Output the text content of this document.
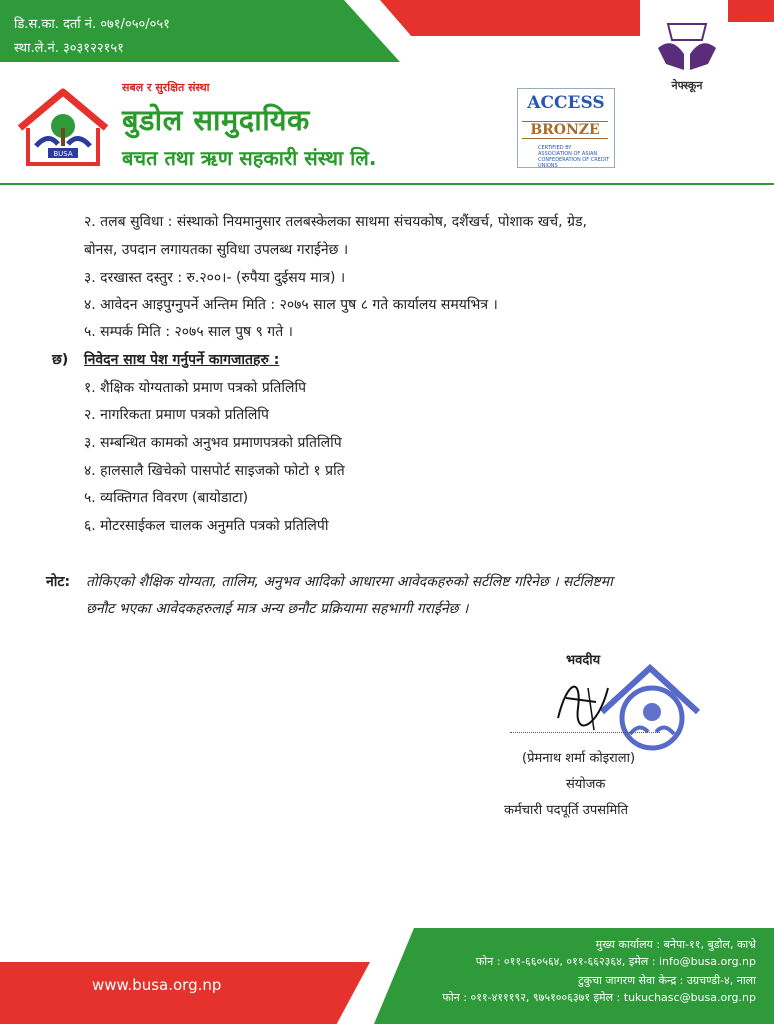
डि.स.का. दर्ता नं. ०७१/०५०/०५१
स्था.ले.नं. ३०३१२२१५१
BUSA
सबल र सुरक्षित संस्था
बुडोल सामुदायिक
बचत तथा ऋण सहकारी संस्था लि.
ACCESS
BRONZE
CERTIFIED BY
ASSOCIATION OF ASIAN CONFEDERATION OF CREDIT UNIONS
नेफ्स्कून
२. तलब सुविधा : संस्थाको नियमानुसार तलबस्केलका साथमा संचयकोष, दशैंखर्च, पोशाक खर्च, ग्रेड,
बोनस, उपदान लगायतका सुविधा उपलब्ध गराईनेछ ।
३. दरखास्त दस्तुर : रु.२००।- (रुपैया दुईसय मात्र) ।
४. आवेदन आइपुग्नुपर्ने अन्तिम मिति : २०७५ साल पुष ८ गते कार्यालय समयभित्र ।
५. सम्पर्क मिति : २०७५ साल पुष ९ गते ।
छ) निवेदन साथ पेश गर्नुपर्ने कागजातहरु :
१. शैक्षिक योग्यताको प्रमाण पत्रको प्रतिलिपि
२. नागरिकता प्रमाण पत्रको प्रतिलिपि
३. सम्बन्धित कामको अनुभव प्रमाणपत्रको प्रतिलिपि
४. हालसालै खिचेको पासपोर्ट साइजको फोटो १ प्रति
५. व्यक्तिगत विवरण (बायोडाटा)
६. मोटरसाईकल चालक अनुमति पत्रको प्रतिलिपी
नोट: तोकिएको शैक्षिक योग्यता, तालिम, अनुभव आदिको आधारमा आवेदकहरुको सर्टलिष्ट गरिनेछ । सर्टलिष्टमा
छनौट भएका आवेदकहरुलाई मात्र अन्य छनौट प्रक्रियामा सहभागी गराईनेछ ।
भवदीय
(प्रेमनाथ शर्मा कोइराला)
संयोजक
कर्मचारी पदपूर्ति उपसमिति
www.busa.org.np
मुख्य कार्यालय : बनेपा-११, बुडोल, काभ्रे
फोन : ०११-६६०५६४, ०११-६६२३६४, इमेल : info@busa.org.np
टुकुचा जागरण सेवा केन्द्र : उग्रचण्डी-४, नाला
फोन : ०११-४१११९२, ९७५१००६३७१ इमेल : tukuchasc@busa.org.np
